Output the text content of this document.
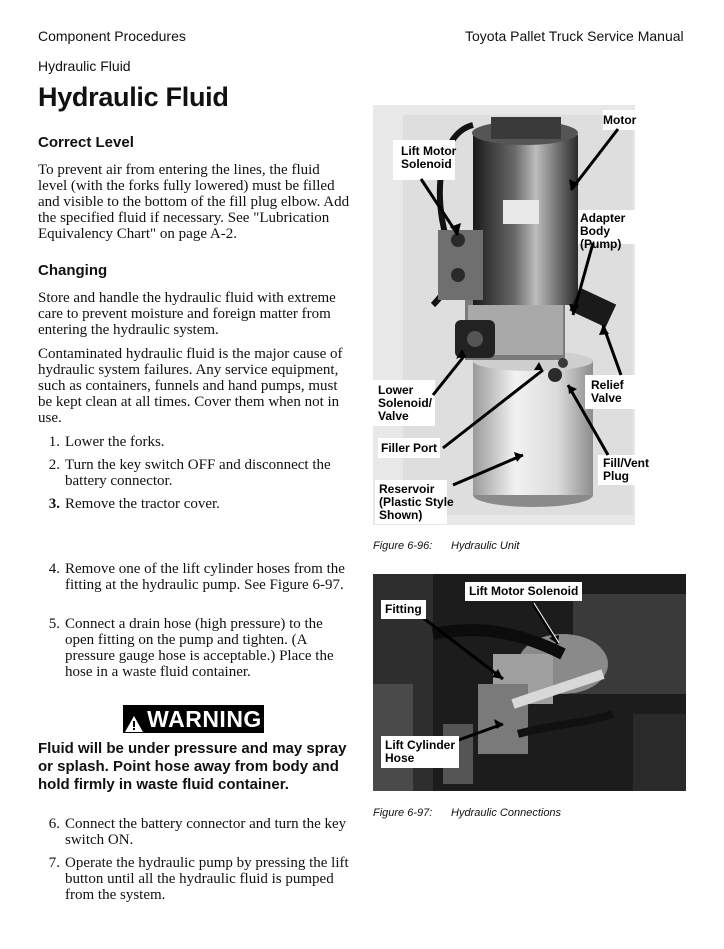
Component Procedures	Toyota Pallet Truck Service Manual
Hydraulic Fluid
Hydraulic Fluid
Correct Level

To prevent air from entering the lines, the fluid level (with the forks fully lowered) must be filled and visible to the bottom of the fill plug elbow. Add the specified fluid if necessary. See "Lubrication Equivalency Chart" on page A-2.

Changing

Store and handle the hydraulic fluid with extreme care to prevent moisture and foreign matter from entering the hydraulic system.

Contaminated hydraulic fluid is the major cause of hydraulic system failures. Any service equipment, such as containers, funnels and hand pumps, must be kept clean at all times. Cover them when not in use.

1. Lower the forks.
2. Turn the key switch OFF and disconnect the battery connector.
3. Remove the tractor cover.
4. Remove one of the lift cylinder hoses from the fitting at the hydraulic pump. See Figure 6-97.
5. Connect a drain hose (high pressure) to the open fitting on the pump and tighten. (A pressure gauge hose is acceptable.) Place the hose in a waste fluid container.
WARNING
Fluid will be under pressure and may spray or splash. Point hose away from body and hold firmly in waste fluid container.
6. Connect the battery connector and turn the key switch ON.
7. Operate the hydraulic pump by pressing the lift button until all the hydraulic fluid is pumped from the system.
Motor
Lift Motor
Solenoid
Adapter Body
(Pump)
Lower
Solenoid/
Valve
Relief
Valve
Filler Port
Fill/Vent
Plug
Reservoir
(Plastic Style
Shown)
Figure 6-96: Hydraulic Unit
Lift Motor Solenoid
Fitting
Lift Cylinder
Hose
Figure 6-97: Hydraulic Connections
